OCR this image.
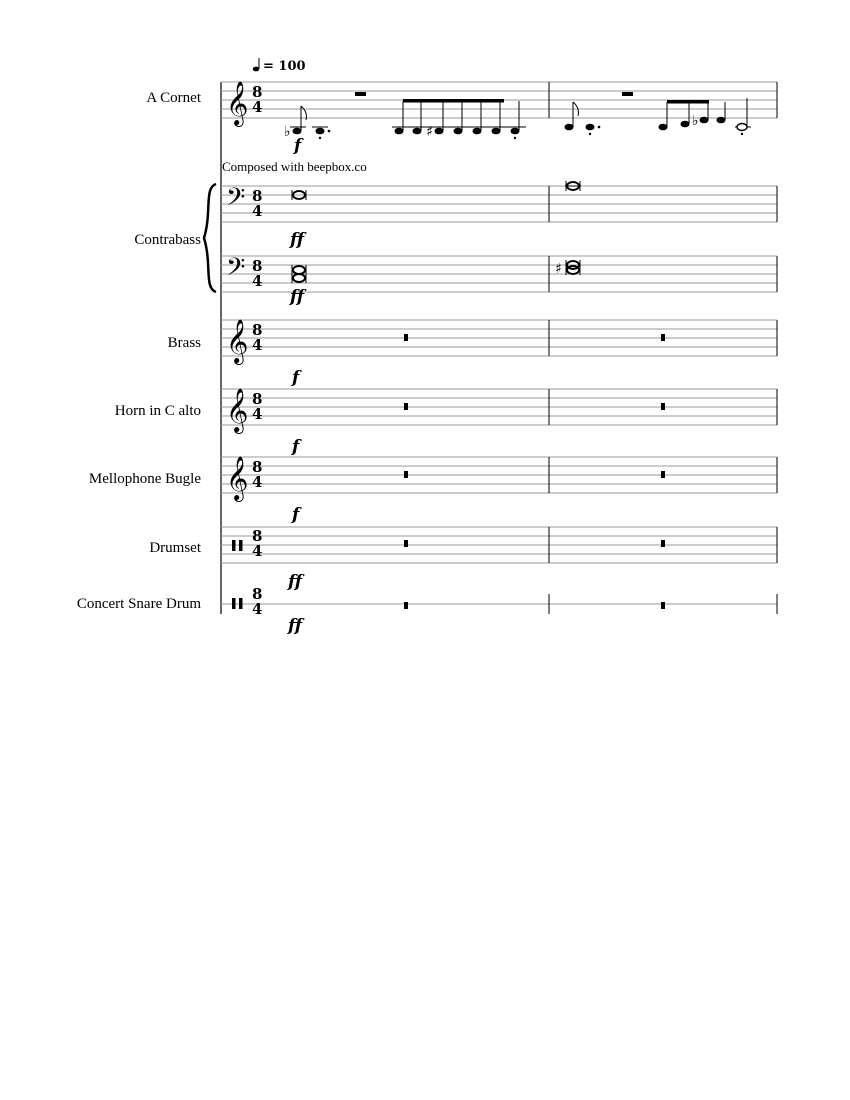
= 100
A Cornet 𝄞 8
4
♭	♯
♭
f
Composed with beepbox.co
Contrabass
𝄢 8
4
ff
𝄢 8
4
♯
ff
Brass 𝄞 8
4
f
Horn in C alto 𝄞 8
4
f
Mellophone Bugle 𝄞 8
4
f
Drumset
8
4
ff
Concert Snare Drum
8
4
ff
